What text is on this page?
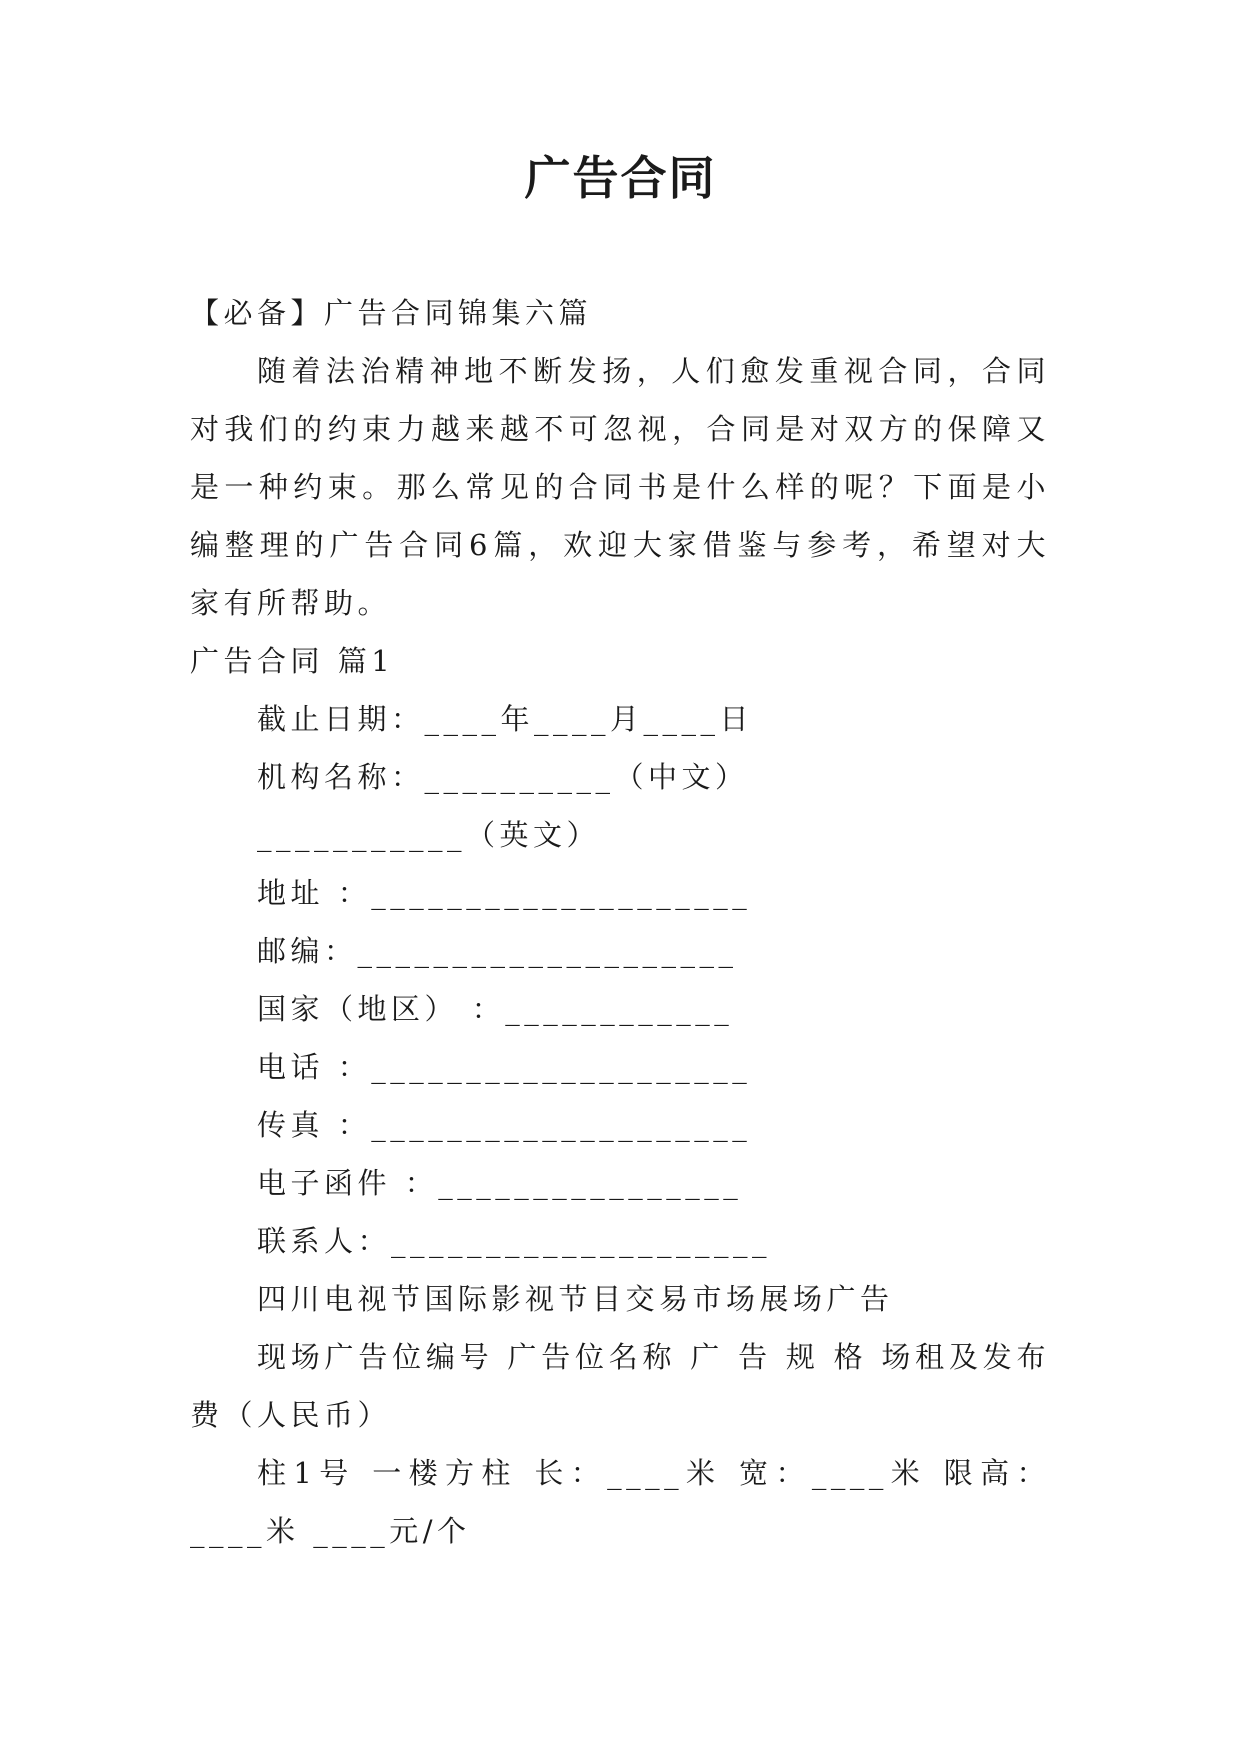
广告合同
【必备】广告合同锦集六篇

随着法治精神地不断发扬，人们愈发重视合同，合同对我们的约束力越来越不可忽视，合同是对双方的保障又是一种约束。那么常见的合同书是什么样的呢？下面是小编整理的广告合同6篇，欢迎大家借鉴与参考，希望对大家有所帮助。

广告合同 篇1
截止日期：____年____月____日
机构名称：__________（中文）
___________（英文）
地址 ：____________________
邮编：____________________
国家（地区） ：____________
电话 ：____________________
传真 ：____________________
电子函件 ：________________
联系人：____________________
四川电视节国际影视节目交易市场展场广告

现场广告位编号 广告位名称 广 告 规 格 场租及发布费（人民币）

柱1号 一楼方柱 长：____米 宽：____米 限高：____米 ____元/个
